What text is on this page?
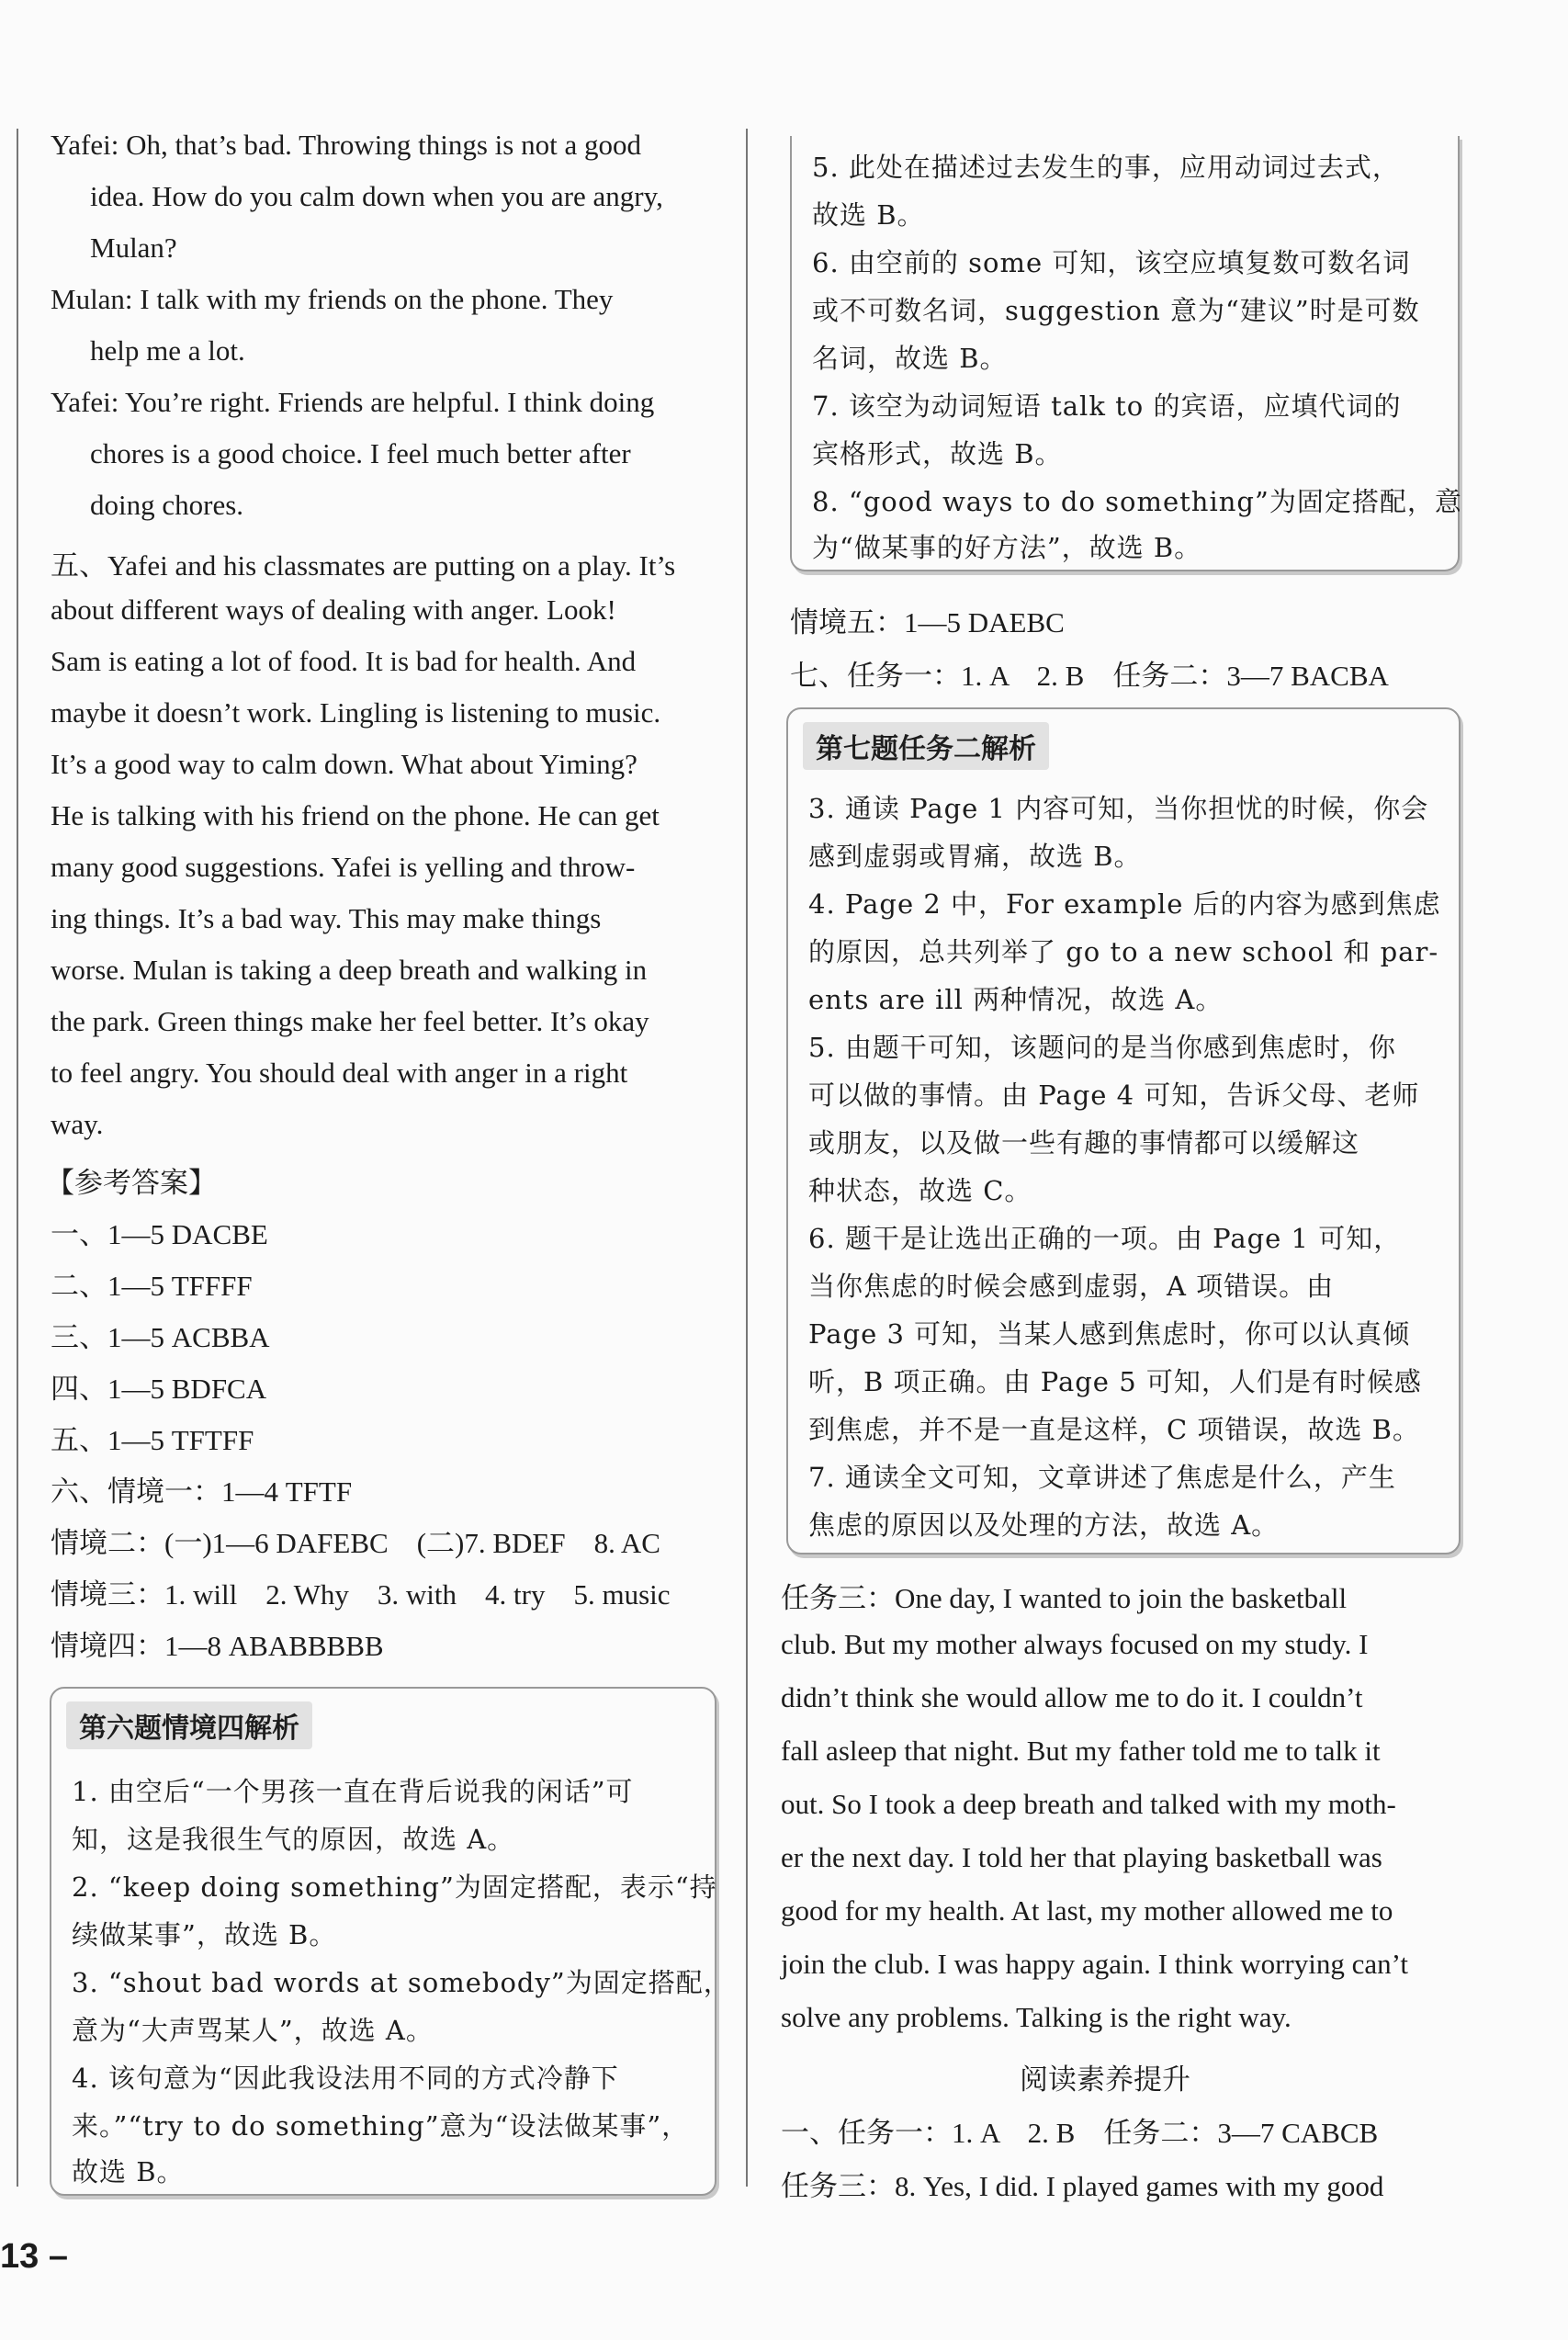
Yafei: Oh, that’s bad. Throwing things is not a good
idea. How do you calm down when you are angry,
Mulan?
Mulan: I talk with my friends on the phone. They
help me a lot.
Yafei: You’re right. Friends are helpful. I think doing
chores is a good choice. I feel much better after
doing chores.
五、Yafei and his classmates are putting on a play. It’s
about different ways of dealing with anger. Look!
Sam is eating a lot of food. It is bad for health. And
maybe it doesn’t work. Lingling is listening to music.
It’s a good way to calm down. What about Yiming?
He is talking with his friend on the phone. He can get
many good suggestions. Yafei is yelling and throw-
ing things. It’s a bad way. This may make things
worse. Mulan is taking a deep breath and walking in
the park. Green things make her feel better. It’s okay
to feel angry. You should deal with anger in a right
way.
【参考答案】
一、1—5 DACBE
二、1—5 TFFFF
三、1—5 ACBBA
四、1—5 BDFCA
五、1—5 TFTFF
六、情境一：1—4 TFTF
情境二：(一)1—6 DAFEBC　(二)7. BDEF　8. AC
情境三：1. will　2. Why　3. with　4. try　5. music
情境四：1—8 ABABBBBB
第六题情境四解析
1. 由空后“一个男孩一直在背后说我的闲话”可
知，这是我很生气的原因，故选 A。
2. “keep doing something”为固定搭配，表示“持
续做某事”，故选 B。
3. “shout bad words at somebody”为固定搭配，
意为“大声骂某人”，故选 A。
4. 该句意为“因此我设法用不同的方式冷静下
来。”“try to do something”意为“设法做某事”，
故选 B。
13 –
5. 此处在描述过去发生的事，应用动词过去式，
故选 B。
6. 由空前的 some 可知，该空应填复数可数名词
或不可数名词，suggestion 意为“建议”时是可数
名词，故选 B。
7. 该空为动词短语 talk to 的宾语，应填代词的
宾格形式，故选 B。
8. “good ways to do something”为固定搭配，意
为“做某事的好方法”，故选 B。
情境五：1—5 DAEBC
七、任务一：1. A　2. B　任务二：3—7 BACBA
第七题任务二解析
3. 通读 Page 1 内容可知，当你担忧的时候，你会
感到虚弱或胃痛，故选 B。
4. Page 2 中，For example 后的内容为感到焦虑
的原因，总共列举了 go to a new school 和 par-
ents are ill 两种情况，故选 A。
5. 由题干可知，该题问的是当你感到焦虑时，你
可以做的事情。由 Page 4 可知，告诉父母、老师
或朋友，以及做一些有趣的事情都可以缓解这
种状态，故选 C。
6. 题干是让选出正确的一项。由 Page 1 可知，
当你焦虑的时候会感到虚弱，A 项错误。由
Page 3 可知，当某人感到焦虑时，你可以认真倾
听，B 项正确。由 Page 5 可知，人们是有时候感
到焦虑，并不是一直是这样，C 项错误，故选 B。
7. 通读全文可知，文章讲述了焦虑是什么，产生
焦虑的原因以及处理的方法，故选 A。
任务三：One day, I wanted to join the basketball
club. But my mother always focused on my study. I
didn’t think she would allow me to do it. I couldn’t
fall asleep that night. But my father told me to talk it
out. So I took a deep breath and talked with my moth-
er the next day. I told her that playing basketball was
good for my health. At last, my mother allowed me to
join the club. I was happy again. I think worrying can’t
solve any problems. Talking is the right way.
阅读素养提升
一、任务一：1. A　2. B　任务二：3—7 CABCB
任务三：8. Yes, I did. I played games with my good
